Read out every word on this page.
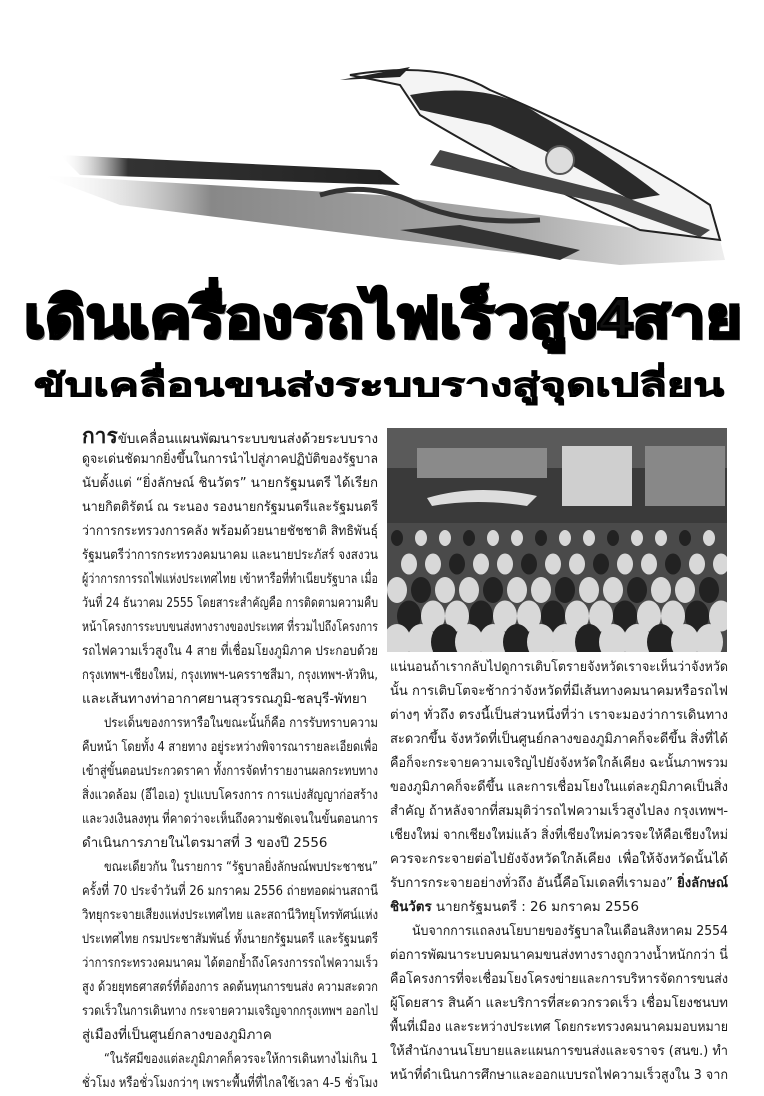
เดินเครื่องรถไฟเร็วสูง4สาย
ขับเคลื่อนขนส่งระบบรางสู่จุดเปลี่ยน
การขับเคลื่อนแผนพัฒนาระบบขนส่งด้วยระบบราง
ดูจะเด่นชัดมากยิ่งขึ้นในการนำไปสู่ภาคปฏิบัติของรัฐบาล
นับตั้งแต่ “ยิ่งลักษณ์ ชินวัตร” นายกรัฐมนตรี ได้เรียก
นายกิตติรัตน์ ณ ระนอง รองนายกรัฐมนตรีและรัฐมนตรี
ว่าการกระทรวงการคลัง พร้อมด้วยนายชัชชาติ สิทธิพันธุ์
รัฐมนตรีว่าการกระทรวงคมนาคม และนายประภัสร์ จงสงวน
ผู้ว่าการการรถไฟแห่งประเทศไทย เข้าหารือที่ทำเนียบรัฐบาล เมื่อ
วันที่ 24 ธันวาคม 2555 โดยสาระสำคัญคือ การติดตามความคืบ
หน้าโครงการระบบขนส่งทางรางของประเทศ ที่รวมไปถึงโครงการ
รถไฟความเร็วสูงใน 4 สาย ที่เชื่อมโยงภูมิภาค ประกอบด้วย
กรุงเทพฯ-เชียงใหม่, กรุงเทพฯ-นครราชสีมา, กรุงเทพฯ-หัวหิน,
และเส้นทางท่าอากาศยานสุวรรณภูมิ-ชลบุรี-พัทยา
ประเด็นของการหารือในขณะนั้นก็คือ การรับทราบความ
คืบหน้า โดยทั้ง 4 สายทาง อยู่ระหว่างพิจารณารายละเอียดเพื่อ
เข้าสู่ขั้นตอนประกวดราคา ทั้งการจัดทำรายงานผลกระทบทาง
สิ่งแวดล้อม (อีไอเอ) รูปแบบโครงการ การแบ่งสัญญาก่อสร้าง
และวงเงินลงทุน ที่คาดว่าจะเห็นถึงความชัดเจนในขั้นตอนการ
ดำเนินการภายในไตรมาสที่ 3 ของปี 2556
ขณะเดียวกัน ในรายการ “รัฐบาลยิ่งลักษณ์พบประชาชน”
ครั้งที่ 70 ประจำวันที่ 26 มกราคม 2556 ถ่ายทอดผ่านสถานี
วิทยุกระจายเสียงแห่งประเทศไทย และสถานีวิทยุโทรทัศน์แห่ง
ประเทศไทย กรมประชาสัมพันธ์ ทั้งนายกรัฐมนตรี และรัฐมนตรี
ว่าการกระทรวงคมนาคม ได้ตอกย้ำถึงโครงการรถไฟความเร็ว
สูง ด้วยยุทธศาสตร์ที่ต้องการ ลดต้นทุนการขนส่ง ความสะดวก
รวดเร็วในการเดินทาง กระจายความเจริญจากกรุงเทพฯ ออกไป
สู่เมืองที่เป็นศูนย์กลางของภูมิภาค
“ในรัศมีของแต่ละภูมิภาคก็ควรจะให้การเดินทางไม่เกิน 1
ชั่วโมง หรือชั่วโมงกว่าๆ เพราะพื้นที่ที่ไกลใช้เวลา 4-5 ชั่วโมง
แน่นอนถ้าเรากลับไปดูการเติบโตรายจังหวัดเราจะเห็นว่าจังหวัด
นั้น การเติบโตจะช้ากว่าจังหวัดที่มีเส้นทางคมนาคมหรือรถไฟ
ต่างๆ ทั่วถึง ตรงนี้เป็นส่วนหนึ่งที่ว่า เราจะมองว่าการเดินทาง
สะดวกขึ้น จังหวัดที่เป็นศูนย์กลางของภูมิภาคก็จะดีขึ้น สิ่งที่ได้
คือก็จะกระจายความเจริญไปยังจังหวัดใกล้เคียง ฉะนั้นภาพรวม
ของภูมิภาคก็จะดีขึ้น และการเชื่อมโยงในแต่ละภูมิภาคเป็นสิ่ง
สำคัญ ถ้าหลังจากที่สมมุติว่ารถไฟความเร็วสูงไปลง กรุงเทพฯ-
เชียงใหม่ จากเชียงใหม่แล้ว สิ่งที่เชียงใหม่ควรจะให้คือเชียงใหม่
ควรจะกระจายต่อไปยังจังหวัดใกล้เคียง เพื่อให้จังหวัดนั้นได้
รับการกระจายอย่างทั่วถึง อันนี้คือโมเดลที่เรามอง” ยิ่งลักษณ์
ชินวัตร นายกรัฐมนตรี : 26 มกราคม 2556
นับจากการแถลงนโยบายของรัฐบาลในเดือนสิงหาคม 2554
ต่อการพัฒนาระบบคมนาคมขนส่งทางรางถูกวางน้ำหนักกว่า นี่
คือโครงการที่จะเชื่อมโยงโครงข่ายและการบริหารจัดการขนส่ง
ผู้โดยสาร สินค้า และบริการที่สะดวกรวดเร็ว เชื่อมโยงชนบท
พื้นที่เมือง และระหว่างประเทศ โดยกระทรวงคมนาคมมอบหมาย
ให้สำนักงานนโยบายและแผนการขนส่งและจราจร (สนข.) ทำ
หน้าที่ดำเนินการศึกษาและออกแบบรถไฟความเร็วสูงใน 3 จาก
